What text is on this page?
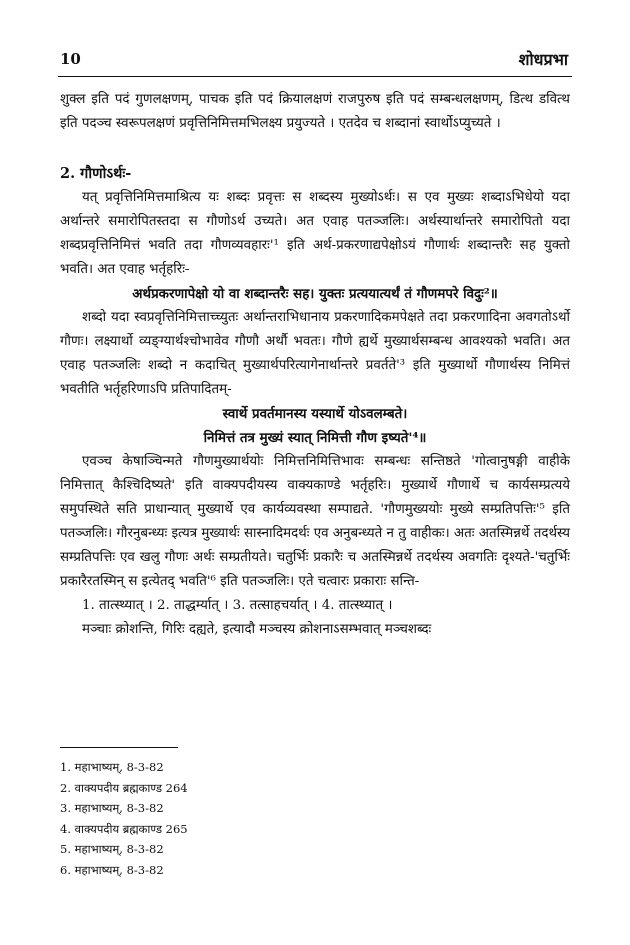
10	शोधप्रभा

शुक्ल इति पदं गुणलक्षणम्, पाचक इति पदं क्रियालक्षणं राजपुरुष इति पदं सम्बन्धलक्षणम्, डित्थ डवित्थ इति पदञ्च स्वरूपलक्षणं प्रवृत्तिनिमित्तमभिलक्ष्य प्रयुज्यते । एतदेव च शब्दानां स्वार्थोऽप्युच्यते ।

2. गौणोऽर्थः-

यत् प्रवृत्तिनिमित्तमाश्रित्य यः शब्दः प्रवृत्तः स शब्दस्य मुख्योऽर्थः। स एव मुख्यः शब्दाऽभिधेयो यदा अर्थान्तरे समारोपितस्तदा स गौणोऽर्थ उच्यते। अत एवाह पतञ्जलिः। अर्थस्यार्थान्तरे समारोपितो यदा शब्दप्रवृत्तिनिमित्तं भवति तदा गौणव्यवहारः'¹ इति अर्थ-प्रकरणाद्यपेक्षोऽयं गौणार्थः शब्दान्तरैः सह युक्तो भवति। अत एवाह भर्तृहरिः-

अर्थप्रकरणापेक्षो यो वा शब्दान्तरैः सह। युक्तः प्रत्ययात्यर्थं तं गौणमपरे विदुः²॥

शब्दो यदा स्वप्रवृत्तिनिमित्ताच्च्युतः अर्थान्तराभिधानाय प्रकरणादिकमपेक्षते तदा प्रकरणादिना अवगतोऽर्थो गौणः। लक्ष्यार्थो व्यङ्ग्यार्थश्चोभावेव गौणौ अर्थौ भवतः। गौणे ह्यर्थे मुख्यार्थसम्बन्ध आवश्यको भवति। अत एवाह पतञ्जलिः शब्दो न कदाचित् मुख्यार्थपरित्यागेनार्थान्तरे प्रवर्तते'³ इति मुख्यार्थो गौणार्थस्य निमित्तं भवतीति भर्तृहरिणाऽपि प्रतिपादितम्-

स्वार्थे प्रवर्तमानस्य यस्यार्थे योऽवलम्बते।

निमित्तं तत्र मुख्यं स्यात् निमित्ती गौण इष्यते'⁴॥

एवञ्च केषाञ्चिन्मते गौणमुख्यार्थयोः निमित्तनिमित्तिभावः सम्बन्धः सन्तिष्ठते 'गोत्वानुषङ्गी वाहीके निमित्तात् कैश्चिदिष्यते' इति वाक्यपदीयस्य वाक्यकाण्डे भर्तृहरिः। मुख्यार्थे गौणार्थे च कार्यसम्प्रत्यये समुपस्थिते सति प्राधान्यात् मुख्यार्थे एव कार्यव्यवस्था सम्पाद्यते. 'गौणमुख्ययोः मुख्ये सम्प्रतिपत्तिः'⁵ इति पतञ्जलिः। गौरनुबन्ध्यः इत्यत्र मुख्यार्थः सास्नादिमदर्थः एव अनुबन्ध्यते न तु वाहीकः। अतः अतस्मिन्नर्थे तदर्थस्य सम्प्रतिपत्तिः एव खलु गौणः अर्थः सम्प्रतीयते। चतुर्भिः प्रकारैः च अतस्मिन्नर्थे तदर्थस्य अवगतिः दृश्यते-'चतुर्भिः प्रकारैरतस्मिन् स इत्येतद् भवति'⁶ इति पतञ्जलिः। एते चत्वारः प्रकाराः सन्ति-

1. तात्स्थ्यात् । 2. ताद्धर्म्यात् । 3. तत्साहचर्यात् । 4. तात्स्थ्यात् ।

मञ्चाः क्रोशन्ति, गिरिः दह्यते, इत्यादौ मञ्चस्य क्रोशनाऽसम्भवात् मञ्चशब्दः

1. महाभाष्यम्, 8-3-82

2. वाक्यपदीय ब्रह्मकाण्ड 264

3. महाभाष्यम्, 8-3-82

4. वाक्यपदीय ब्रह्मकाण्ड 265

5. महाभाष्यम्, 8-3-82

6. महाभाष्यम्, 8-3-82
